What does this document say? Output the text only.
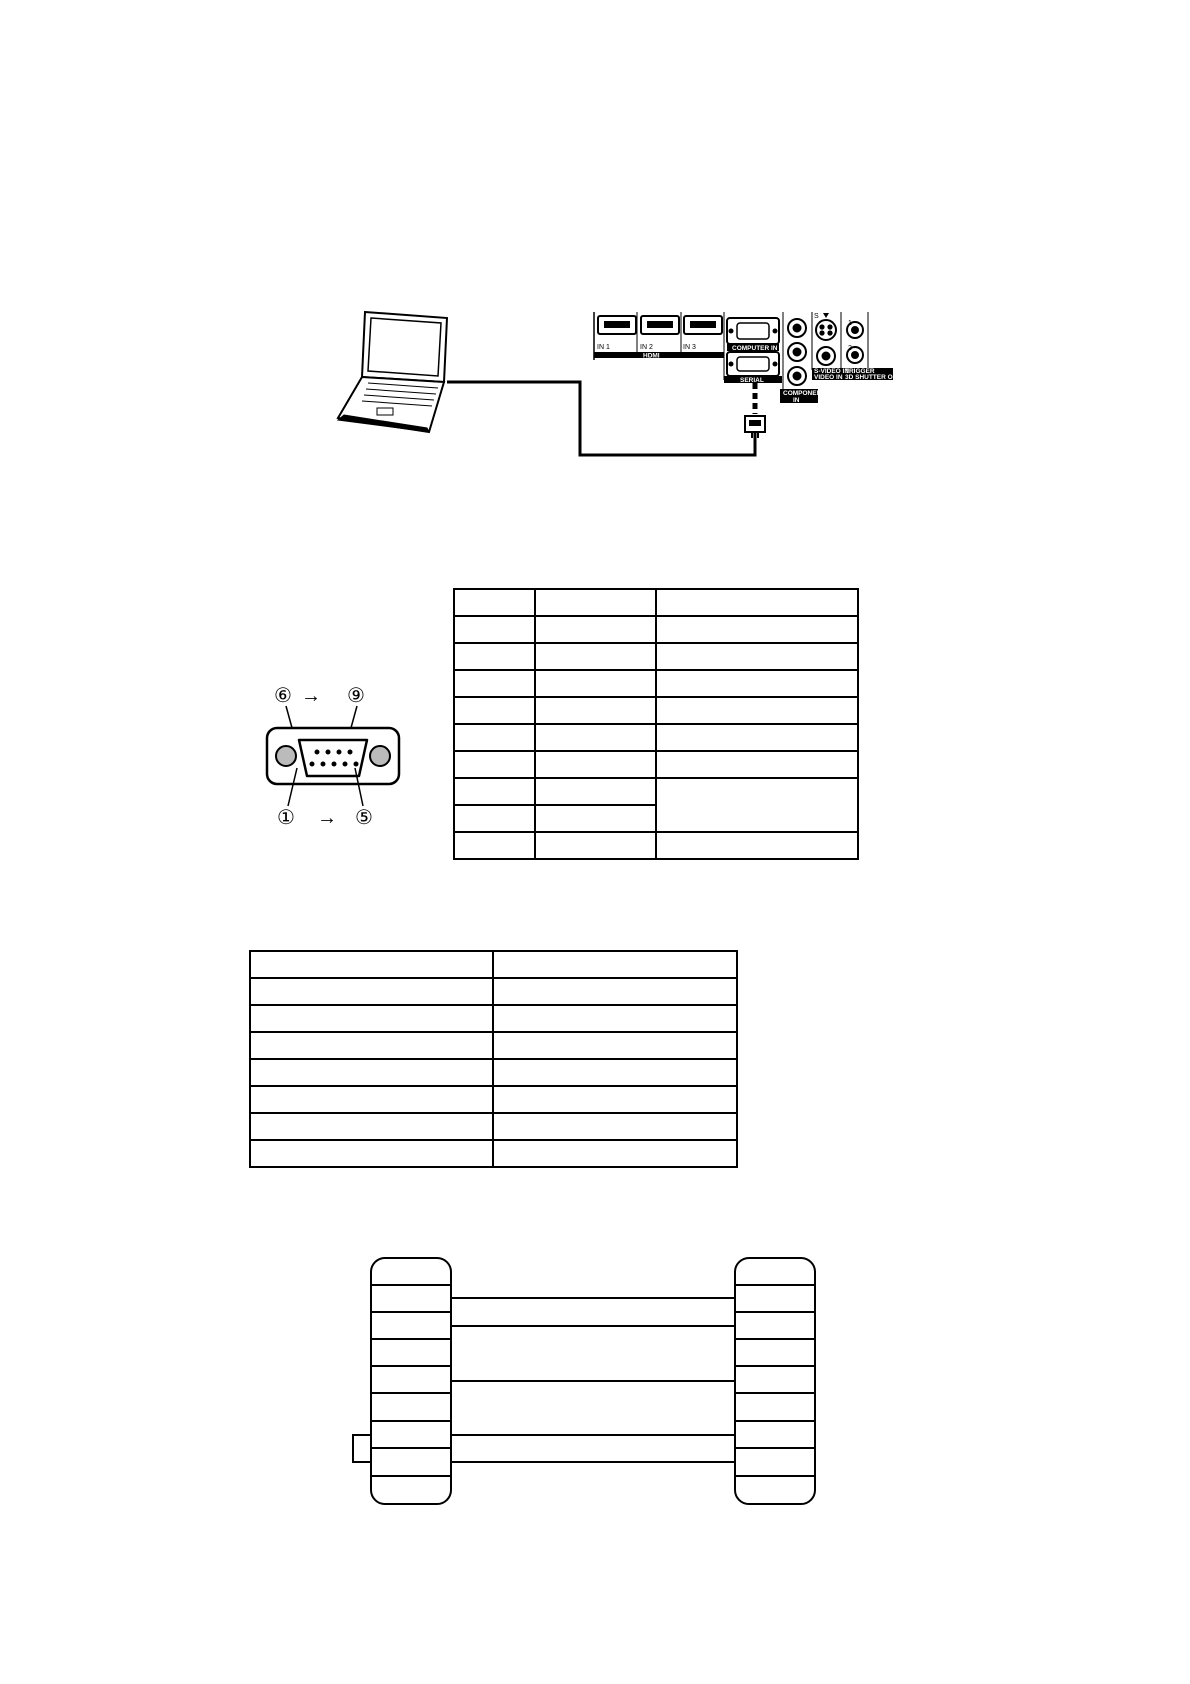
IN 1	IN 2	IN 3
1
2
S
HDMI
COMPUTER IN
SERIAL
COMPONENT
IN
S-VIDEO IN
VIDEO IN
TRIGGER
3D SHUTTER OUT
⑥ → ⑨
① → ⑤
